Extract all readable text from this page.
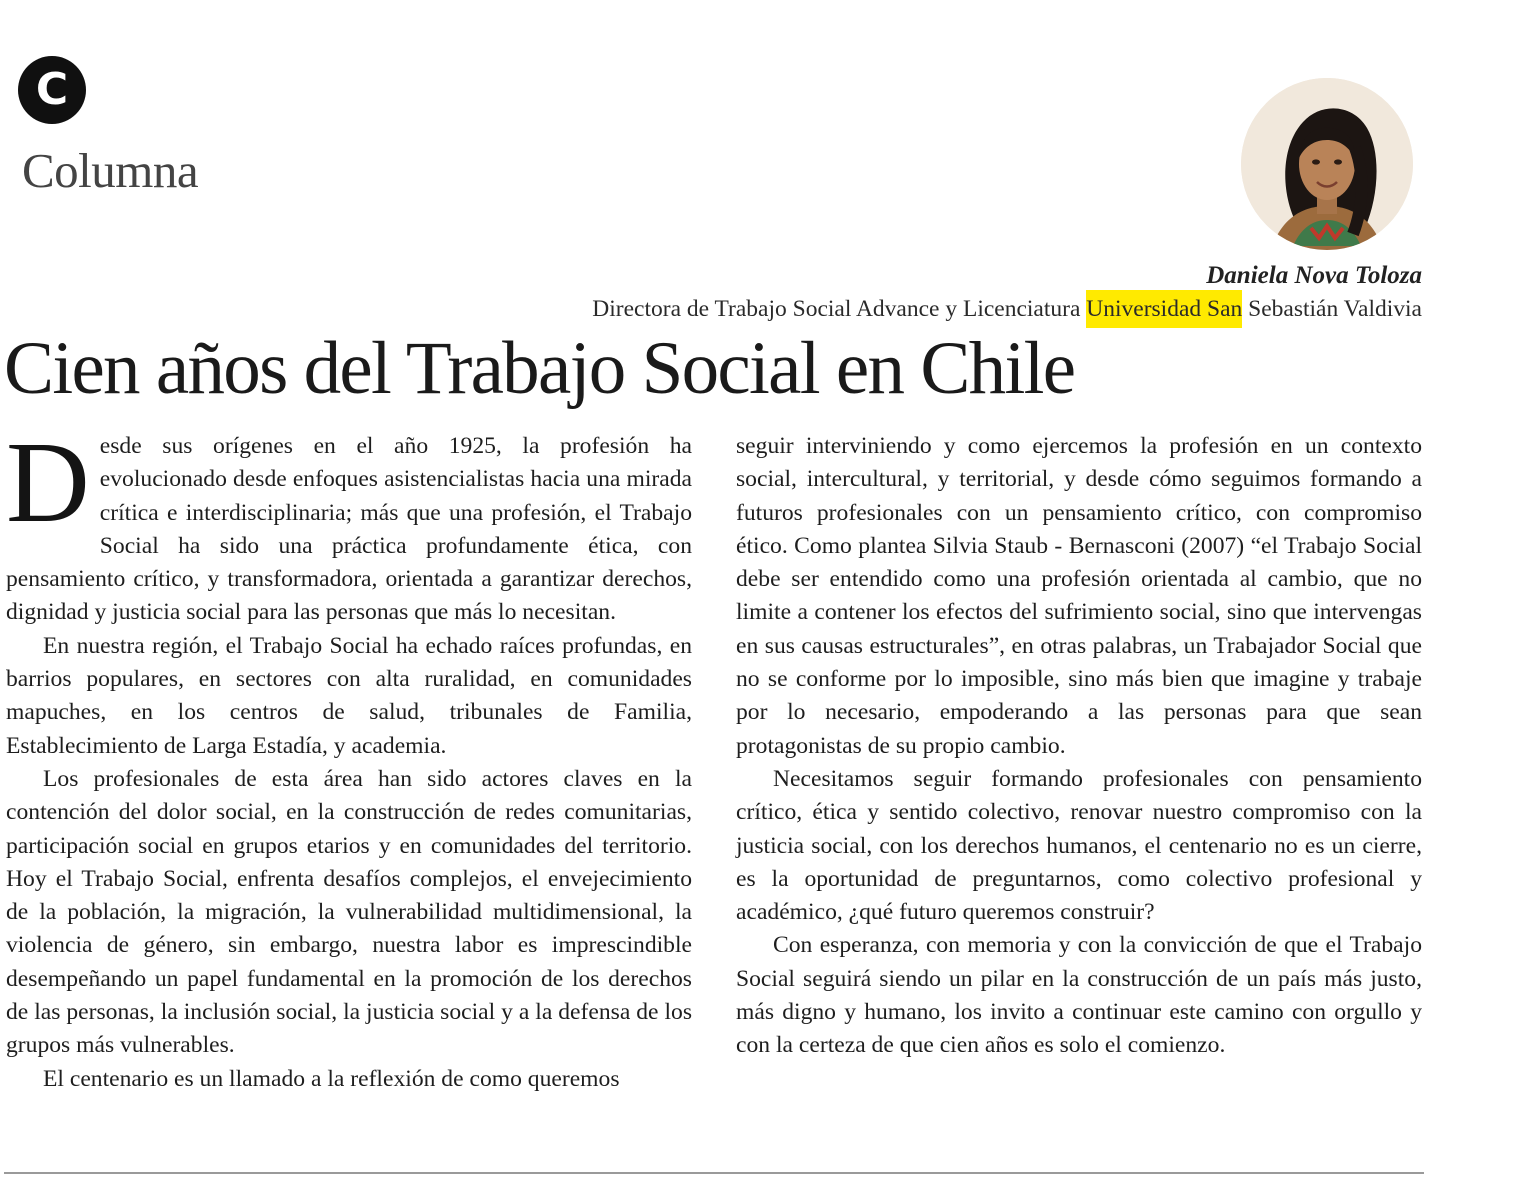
C
Columna
Daniela Nova Toloza
Directora de Trabajo Social Advance y Licenciatura Universidad San Sebastián Valdivia
Cien años del Trabajo Social en Chile

Desde sus orígenes en el año 1925, la profesión ha evolucionado desde enfoques asistencialistas hacia una mirada crítica e interdisciplinaria; más que una profesión, el Trabajo Social ha sido una práctica profundamente ética, con pensamiento crítico, y transformadora, orientada a garantizar derechos, dignidad y justicia social para las personas que más lo necesitan.

En nuestra región, el Trabajo Social ha echado raíces profundas, en barrios populares, en sectores con alta ruralidad, en comunidades mapuches, en los centros de salud, tribunales de Familia, Establecimiento de Larga Estadía, y academia.

Los profesionales de esta área han sido actores claves en la contención del dolor social, en la construcción de redes comunitarias, participación social en grupos etarios y en comunidades del territorio. Hoy el Trabajo Social, enfrenta desafíos complejos, el envejecimiento de la población, la migración, la vulnerabilidad multidimensional, la violencia de género, sin embargo, nuestra labor es imprescindible desempeñando un papel fundamental en la promoción de los derechos de las personas, la inclusión social, la justicia social y a la defensa de los grupos más vulnerables.

El centenario es un llamado a la reflexión de como queremos

seguir interviniendo y como ejercemos la profesión en un contexto social, intercultural, y territorial, y desde cómo seguimos formando a futuros profesionales con un pensamiento crítico, con compromiso ético. Como plantea Silvia Staub - Bernasconi (2007) “el Trabajo Social debe ser entendido como una profesión orientada al cambio, que no limite a contener los efectos del sufrimiento social, sino que intervengas en sus causas estructurales”, en otras palabras, un Trabajador Social que no se conforme por lo imposible, sino más bien que imagine y trabaje por lo necesario, empoderando a las personas para que sean protagonistas de su propio cambio.

Necesitamos seguir formando profesionales con pensamiento crítico, ética y sentido colectivo, renovar nuestro compromiso con la justicia social, con los derechos humanos, el centenario no es un cierre, es la oportunidad de preguntarnos, como colectivo profesional y académico, ¿qué futuro queremos construir?

Con esperanza, con memoria y con la convicción de que el Trabajo Social seguirá siendo un pilar en la construcción de un país más justo, más digno y humano, los invito a continuar este camino con orgullo y con la certeza de que cien años es solo el comienzo.
